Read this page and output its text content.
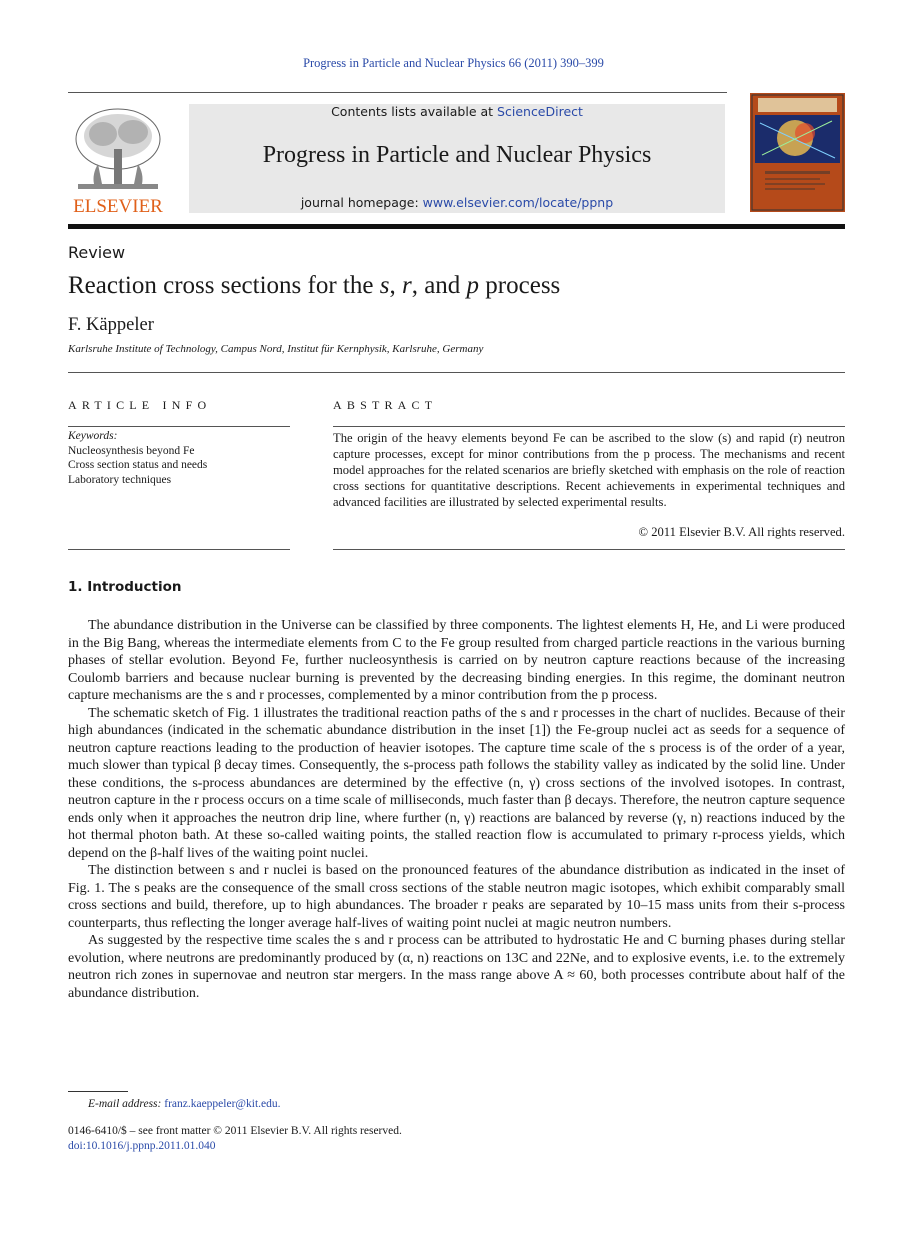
Progress in Particle and Nuclear Physics 66 (2011) 390–399
ELSEVIER
Contents lists available at ScienceDirect
Progress in Particle and Nuclear Physics
journal homepage: www.elsevier.com/locate/ppnp
Review
Reaction cross sections for the s, r, and p process
F. Käppeler
Karlsruhe Institute of Technology, Campus Nord, Institut für Kernphysik, Karlsruhe, Germany
ARTICLE INFO
Keywords:
Nucleosynthesis beyond Fe
Cross section status and needs
Laboratory techniques
ABSTRACT
The origin of the heavy elements beyond Fe can be ascribed to the slow (s) and rapid (r) neutron capture processes, except for minor contributions from the p process. The mechanisms and recent model approaches for the related scenarios are briefly sketched with emphasis on the role of reaction cross sections for quantitative descriptions. Recent achievements in experimental techniques and advanced facilities are illustrated by selected experimental results.
© 2011 Elsevier B.V. All rights reserved.
1. Introduction

The abundance distribution in the Universe can be classified by three components. The lightest elements H, He, and Li were produced in the Big Bang, whereas the intermediate elements from C to the Fe group resulted from charged particle reactions in the various burning phases of stellar evolution. Beyond Fe, further nucleosynthesis is carried on by neutron capture reactions because of the increasing Coulomb barriers and because nuclear burning is prevented by the decreasing binding energies. In this regime, the dominant neutron capture mechanisms are the s and r processes, complemented by a minor contribution from the p process.

The schematic sketch of Fig. 1 illustrates the traditional reaction paths of the s and r processes in the chart of nuclides. Because of their high abundances (indicated in the schematic abundance distribution in the inset [1]) the Fe-group nuclei act as seeds for a sequence of neutron capture reactions leading to the production of heavier isotopes. The capture time scale of the s process is of the order of a year, much slower than typical β decay times. Consequently, the s-process path follows the stability valley as indicated by the solid line. Under these conditions, the s-process abundances are determined by the effective (n, γ) cross sections of the involved isotopes. In contrast, neutron capture in the r process occurs on a time scale of milliseconds, much faster than β decays. Therefore, the neutron capture sequence ends only when it approaches the neutron drip line, where further (n, γ) reactions are balanced by reverse (γ, n) reactions induced by the hot thermal photon bath. At these so-called waiting points, the stalled reaction flow is accumulated to primary r-process yields, which depend on the β-half lives of the waiting point nuclei.

The distinction between s and r nuclei is based on the pronounced features of the abundance distribution as indicated in the inset of Fig. 1. The s peaks are the consequence of the small cross sections of the stable neutron magic isotopes, which exhibit comparably small cross sections and build, therefore, up to high abundances. The broader r peaks are separated by 10–15 mass units from their s-process counterparts, thus reflecting the longer average half-lives of waiting point nuclei at magic neutron numbers.

As suggested by the respective time scales the s and r process can be attributed to hydrostatic He and C burning phases during stellar evolution, where neutrons are predominantly produced by (α, n) reactions on 13C and 22Ne, and to explosive events, i.e. to the extremely neutron rich zones in supernovae and neutron star mergers. In the mass range above A ≈ 60, both processes contribute about half of the abundance distribution.

E-mail address: franz.kaeppeler@kit.edu.
0146-6410/$ – see front matter © 2011 Elsevier B.V. All rights reserved.
doi:10.1016/j.ppnp.2011.01.040
